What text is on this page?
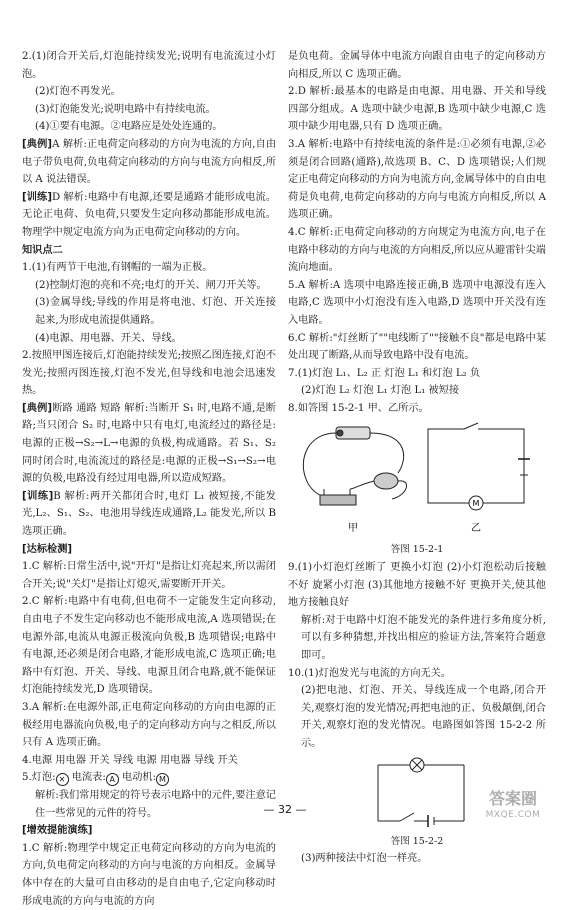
2.(1)闭合开关后,灯泡能持续发光;说明有电流流过小灯泡。

(2)灯泡不再发光。

(3)灯泡能发光;说明电路中有持续电流。

(4)①要有电源。②电路应是处处连通的。

[典例]A 解析:正电荷定向移动的方向为电流的方向,自由电子带负电荷,负电荷定向移动的方向与电流方向相反,所以 A 说法错误。

[训练]D 解析:电路中有电源,还要是通路才能形成电流。无论正电荷、负电荷,只要发生定向移动都能形成电流。物理学中规定电流方向为正电荷定向移动的方向。

知识点二

1.(1)有两节干电池,有钢帽的一端为正极。

(2)控制灯泡的亮和不亮;电灯的开关、闸刀开关等。

(3)金属导线;导线的作用是将电池、灯泡、开关连接起来,为形成电流提供通路。

(4)电源、用电器、开关、导线。

2.按照甲图连接后,灯泡能持续发光;按照乙图连接,灯泡不发光;按照丙图连接,灯泡不发光,但导线和电池会迅速发热。

[典例]断路 通路 短路 解析:当断开 S₁ 时,电路不通,是断路;当只闭合 S₂ 时,电路中只有电灯,电流经过的路径是:电源的正极→S₂→L→电源的负极,构成通路。若 S₁、S₂ 同时闭合时,电流流过的路径是:电源的正极→S₁→S₂→电源的负极,电路没有经过用电器,所以造成短路。

[训练]B 解析:两开关都闭合时,电灯 L₁ 被短接,不能发光,L₂、S₁、S₂、电池用导线连成通路,L₂ 能发光,所以 B 选项正确。

[达标检测]

1.C 解析:日常生活中,说"开灯"是指让灯亮起来,所以需闭合开关;说"关灯"是指让灯熄灭,需要断开开关。

2.C 解析:电路中有电荷,但电荷不一定能发生定向移动,自由电子不发生定向移动也不能形成电流,A 选项错误;在电源外部,电流从电源正极流向负极,B 选项错误;电路中有电源,还必须是闭合电路,才能形成电流,C 选项正确;电路中有灯泡、开关、导线、电源且闭合电路,就不能保证灯泡能持续发光,D 选项错误。

3.A 解析:在电源外部,正电荷定向移动的方向由电源的正极经用电器流向负极,电子的定向移动方向与之相反,所以只有 A 选项正确。

4.电源 用电器 开关 导线 电源 用电器 导线 开关

5.灯泡: ✕ 电流表: A 电动机: M

解析:我们常用规定的符号表示电路中的元件,要注意记住一些常见的元件的符号。

[增效提能演练]

1.C 解析:物理学中规定正电荷定向移动的方向为电流的方向,负电荷定向移动的方向与电流的方向相反。金属导体中存在的大量可自由移动的是自由电子,它定向移动时形成电流的方向与电流的方向

是负电荷。金属导体中电流方向跟自由电子的定向移动方向相反,所以 C 选项正确。

2.D 解析:最基本的电路是由电源、用电器、开关和导线四部分组成。A 选项中缺少电源,B 选项中缺少电源,C 选项中缺少用电器,只有 D 选项正确。

3.A 解析:电路中有持续电流的条件是:①必须有电源,②必须是闭合回路(通路),故选项 B、C、D 选项错误;人们规定正电荷定向移动的方向为电流方向,金属导体中的自由电荷是负电荷,电荷定向移动的方向与电流方向相反,所以 A 选项正确。

4.C 解析:正电荷定向移动的方向规定为电流方向,电子在电路中移动的方向与电流的方向相反,所以应从避雷针尖端流向地面。

5.A 解析:A 选项中电路连接正确,B 选项中电源没有连入电路,C 选项中小灯泡没有连入电路,D 选项中开关没有连入电路。

6.C 解析:"灯丝断了""电线断了""接触不良"都是电路中某处出现了断路,从而导致电路中没有电流。

7.(1)灯泡 L₁、L₂ 正 灯泡 L₁ 和灯泡 L₂ 负

(2)灯泡 L₂ 灯泡 L₁ 灯泡 L₁ 被短接

8.如答图 15-2-1 甲、乙所示。

甲
M
乙
答图 15-2-1

9.(1)小灯泡灯丝断了 更换小灯泡 (2)小灯泡松动后接触不好 旋紧小灯泡 (3)其他地方接触不好 更换开关,使其他地方接触良好

解析:对于电路中灯泡不能发光的条件进行多角度分析,可以有多种猜想,并找出相应的验证方法,答案符合题意即可。

10.(1)灯泡发光与电流的方向无关。

(2)把电池、灯泡、开关、导线连成一个电路,闭合开关,观察灯泡的发光情况;再把电池的正、负极颠倒,闭合开关,观察灯泡的发光情况。电路图如答图 15-2-2 所示。

答图 15-2-2

(3)两种接法中灯泡一样亮。

— 32 —
答案圈
MXQE.COM
